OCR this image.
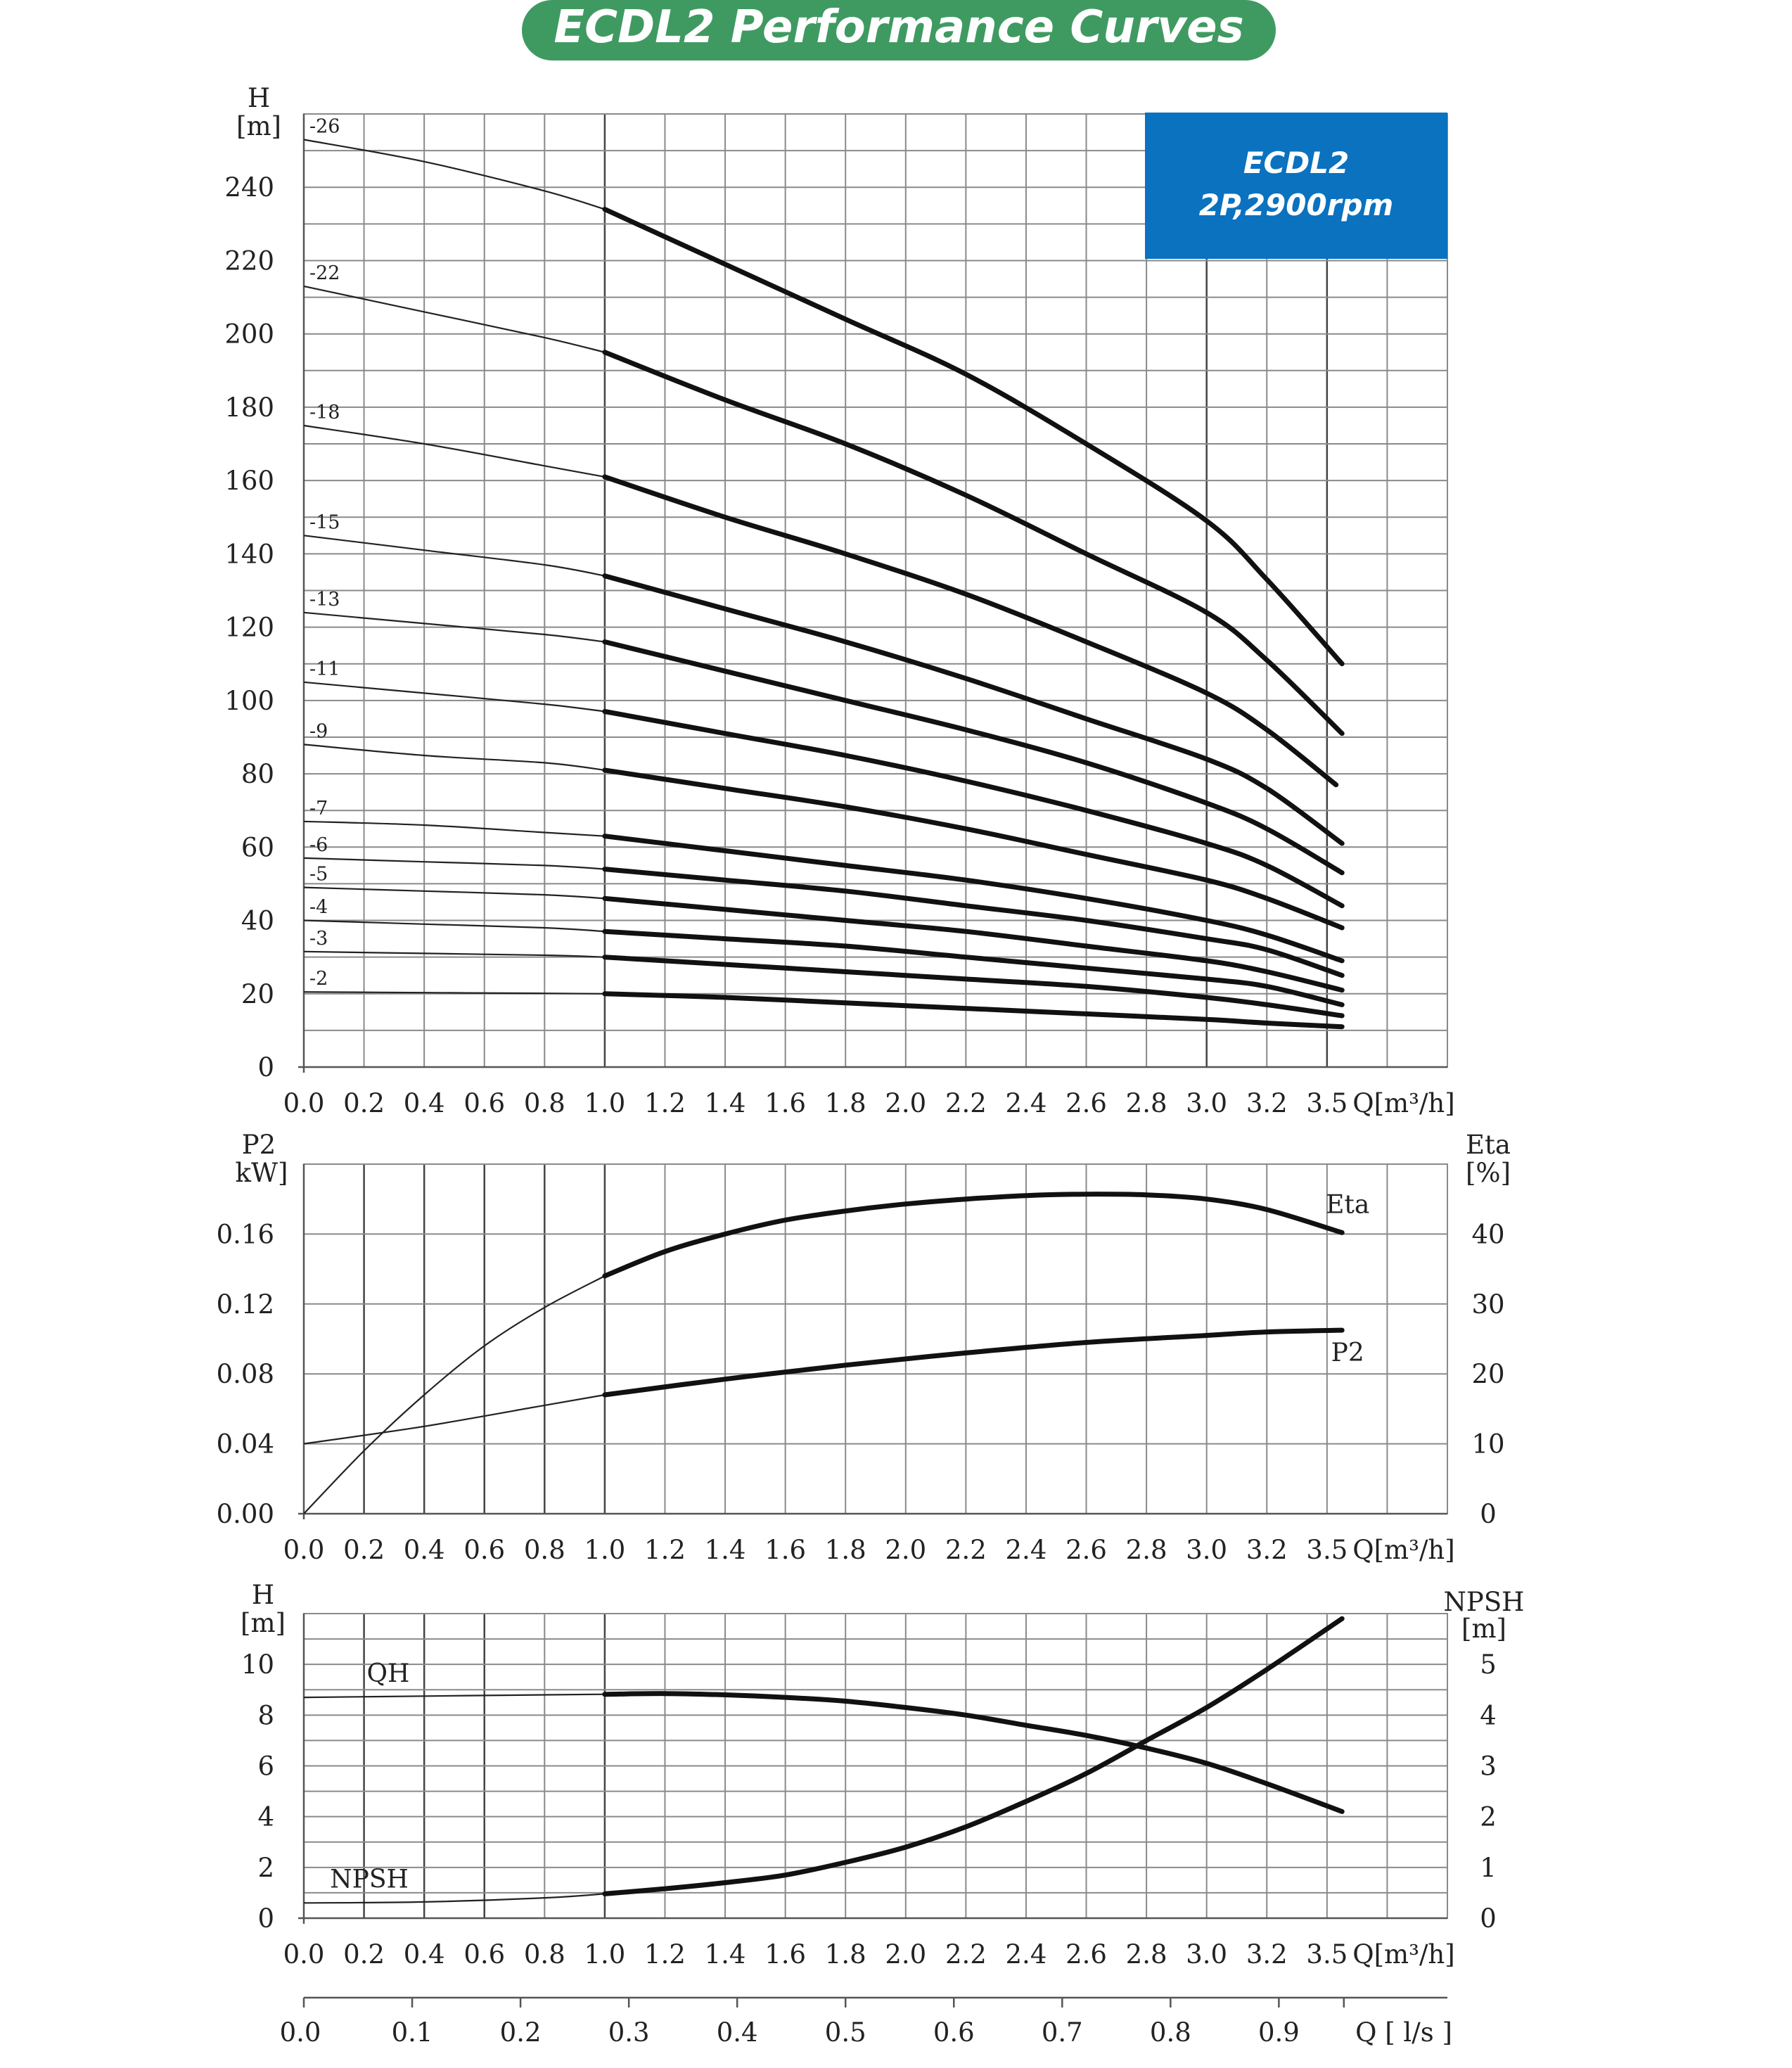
ECDL2 Performance Curves
ECDL2
2P,2900rpm
-26
-22
-18
-15
-13
-11
-9
-7
-6
-5
-4
-3
-2
0
20
40
60
80
100
120
140
160
180
200
220
240
0.0 0.2 0.4 0.6 0.8 1.0 1.2 1.4 1.6 1.8 2.0 2.2 2.4 2.6 2.8 3.0 3.2 3.5 Q[m³/h]
H
[m]
Eta
P2
0.00
0.04
0.08
0.12
0.16
0
10
20
30
40
0.0 0.2 0.4 0.6 0.8 1.0 1.2 1.4 1.6 1.8 2.0 2.2 2.4 2.6 2.8 3.0 3.2 3.5 Q[m³/h]
P2
kW]
Eta
[%]
QH
NPSH
0
2
4
6
8
10
0
1
2
3
4
5
0.0 0.2 0.4 0.6 0.8 1.0 1.2 1.4 1.6 1.8 2.0 2.2 2.4 2.6 2.8 3.0 3.2 3.5 Q[m³/h]
H
[m]
NPSH
[m]
0.0	0.1	0.2	0.3	0.4	0.5	0.6	0.7	0.8	0.9 Q [ l/s ]
